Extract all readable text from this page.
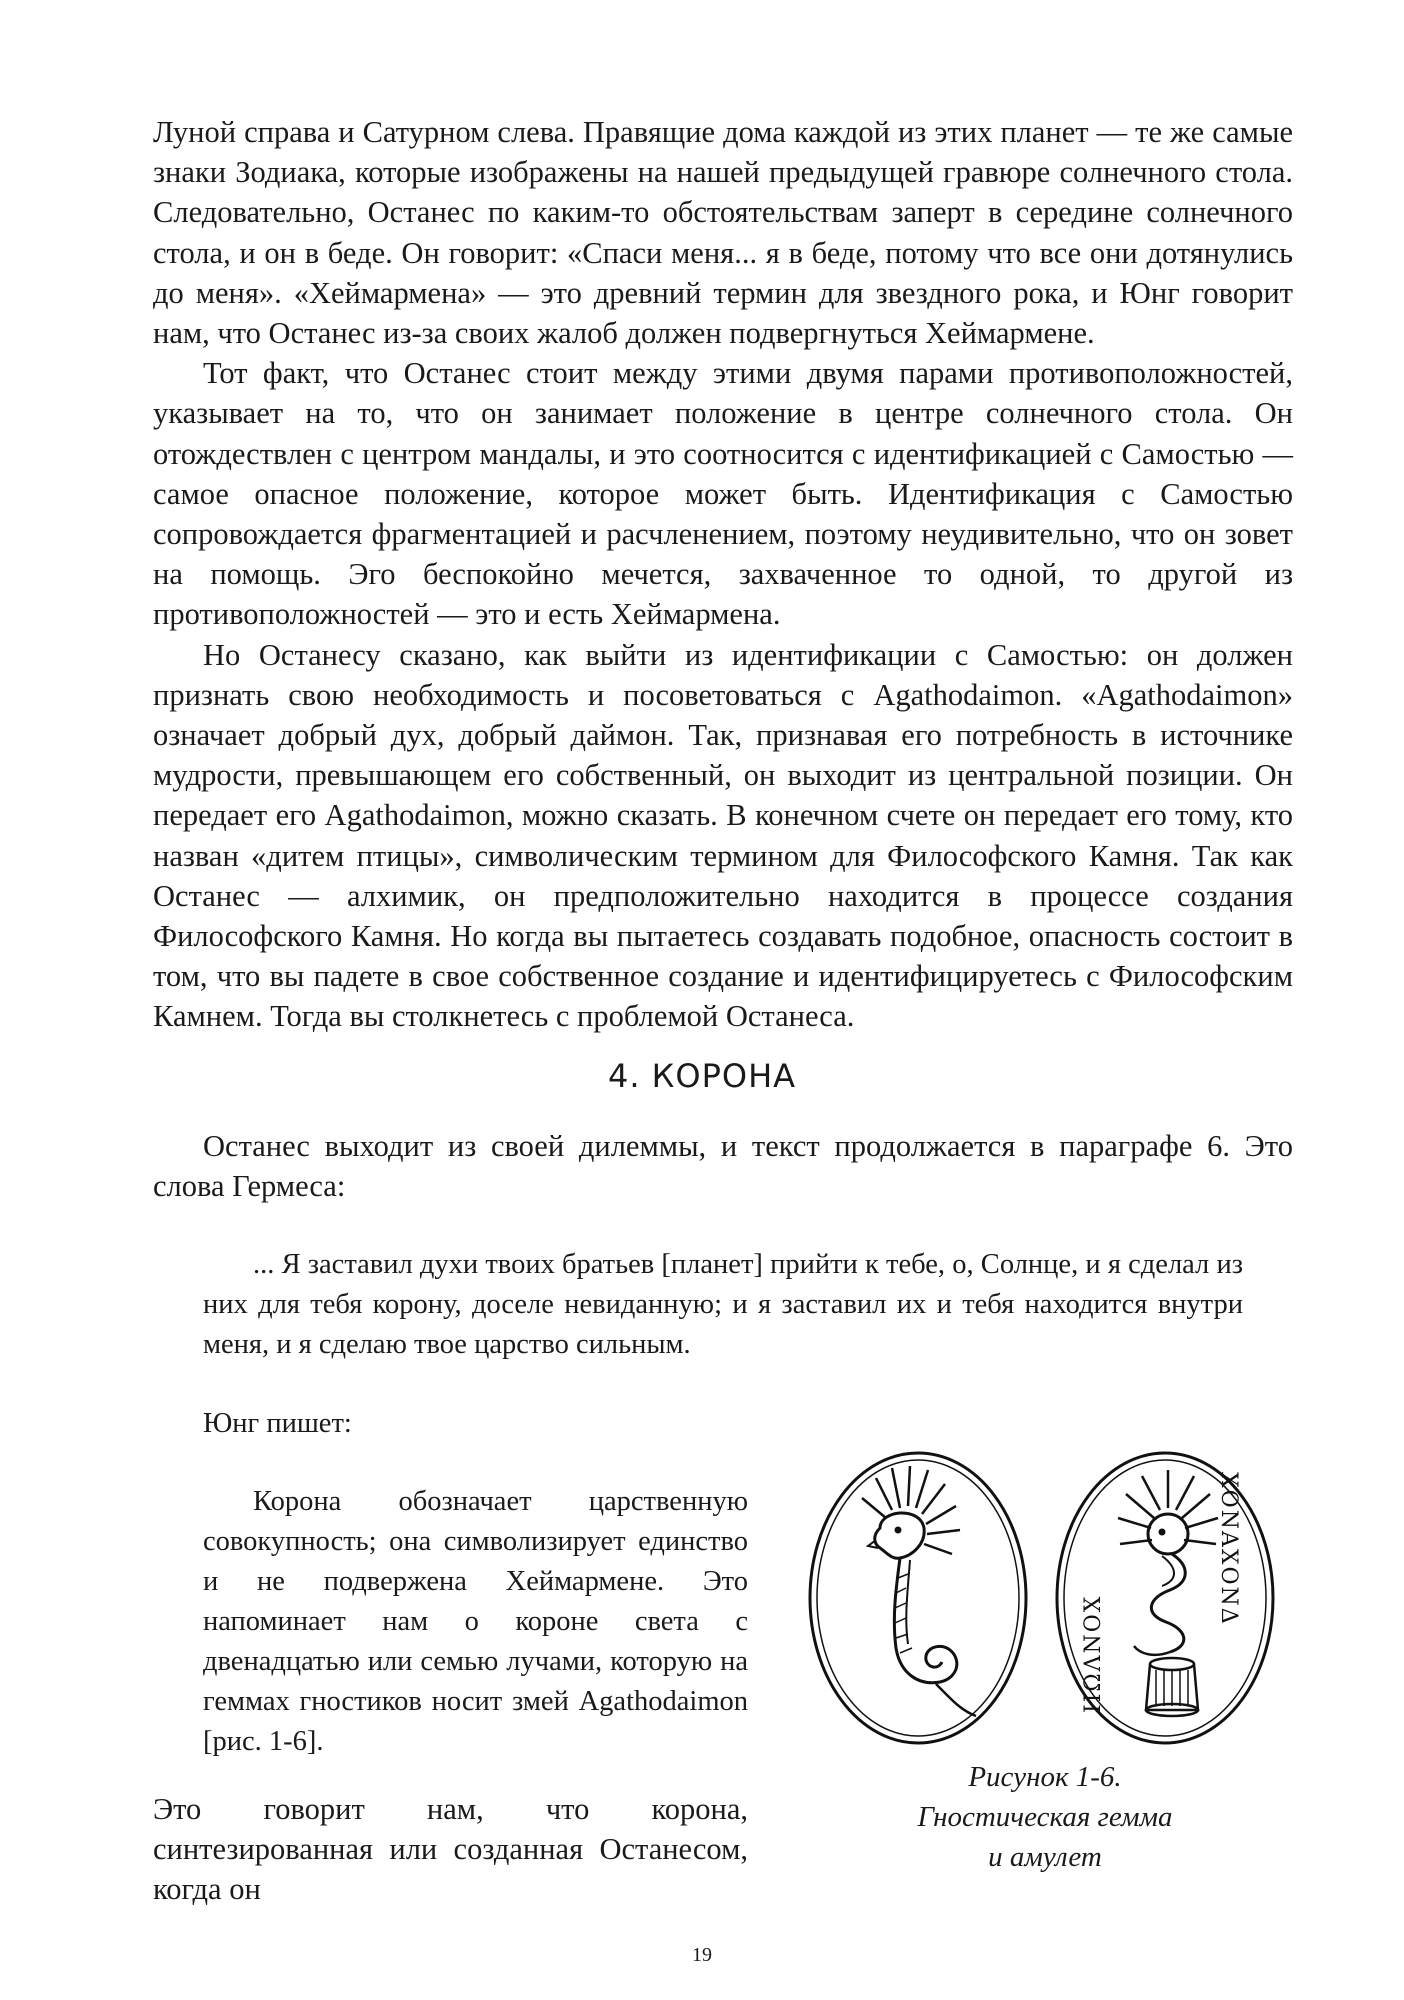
Луной справа и Сатурном слева. Правящие дома каждой из этих планет — те же самые знаки Зодиака, которые изображены на нашей предыдущей гравюре солнечного стола. Следовательно, Останес по каким-то обстоятельствам заперт в середине солнечного стола, и он в беде. Он говорит: «Спаси меня... я в беде, потому что все они дотянулись до меня». «Хеймармена» — это древний термин для звездного рока, и Юнг говорит нам, что Останес из-за своих жалоб должен подвергнуться Хеймармене.

Тот факт, что Останес стоит между этими двумя парами противоположностей, указывает на то, что он занимает положение в центре солнечного стола. Он отождествлен с центром мандалы, и это соотносится с идентификацией с Самостью — самое опасное положение, которое может быть. Идентификация с Самостью сопровождается фрагментацией и расчленением, поэтому неудивительно, что он зовет на помощь. Эго беспокойно мечется, захваченное то одной, то другой из противоположностей — это и есть Хеймармена.

Но Останесу сказано, как выйти из идентификации с Самостью: он должен признать свою необходимость и посоветоваться с Agathodaimon. «Agathodaimon» означает добрый дух, добрый даймон. Так, признавая его потребность в источнике мудрости, превышающем его собственный, он выходит из центральной позиции. Он передает его Agathodaimon, можно сказать. В конечном счете он передает его тому, кто назван «дитем птицы», символическим термином для Философского Камня. Так как Останес — алхимик, он предположительно находится в процессе создания Философского Камня. Но когда вы пытаетесь создавать подобное, опасность состоит в том, что вы падете в свое собственное создание и идентифицируетесь с Философским Камнем. Тогда вы столкнетесь с проблемой Останеса.

4. КОРОНА

Останес выходит из своей дилеммы, и текст продолжается в параграфе 6. Это слова Гермеса:

... Я заставил духи твоих братьев [планет] прийти к тебе, о, Солнце, и я сделал из них для тебя корону, доселе невиданную; и я заставил их и тебя находится внутри меня, и я сделаю твое царство сильным.

Юнг пишет:

Корона обозначает царственную совокупность; она символизирует единство и не подвержена Хеймармене. Это напоминает нам о короне света с двенадцатью или семью лучами, которую на геммах гностиков носит змей Agathodaimon [рис. 1-6].

Это говорит нам, что корона, синтезированная или созданная Останесом, когда он

ΙΙΩΛΝΟΧ
ΧΟΝΑΧΟΝΔ
Рисунок 1-6.
Гностическая гемма
и амулет
19
